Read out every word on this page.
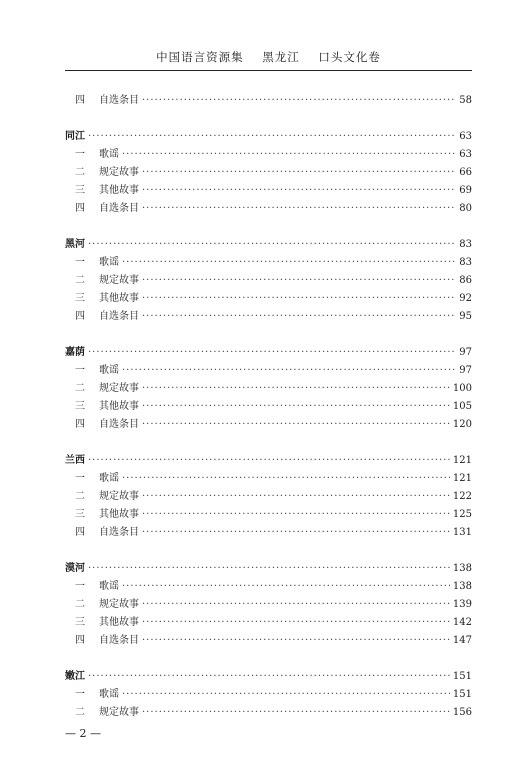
中国语言资源集 黑龙江 口头文化卷
四	自选条目 ·····	58
同江 ·····	63
一	歌谣 ·····	63
二	规定故事 ·····	66
三	其他故事 ·····	69
四	自选条目 ·····	80
黑河 ·····	83
一	歌谣 ·····	83
二	规定故事 ·····	86
三	其他故事 ·····	92
四	自选条目 ·····	95
嘉荫 ·····	97
一	歌谣 ·····	97
二	规定故事 ·····	100
三	其他故事 ·····	105
四	自选条目 ·····	120
兰西 ·····	121
一	歌谣 ·····	121
二	规定故事 ·····	122
三	其他故事 ·····	125
四	自选条目 ·····	131
漠河 ·····	138
一	歌谣 ·····	138
二	规定故事 ·····	139
三	其他故事 ·····	142
四	自选条目 ·····	147
嫩江 ·····	151
一	歌谣 ·····	151
二	规定故事 ·····	156
— 2 —
